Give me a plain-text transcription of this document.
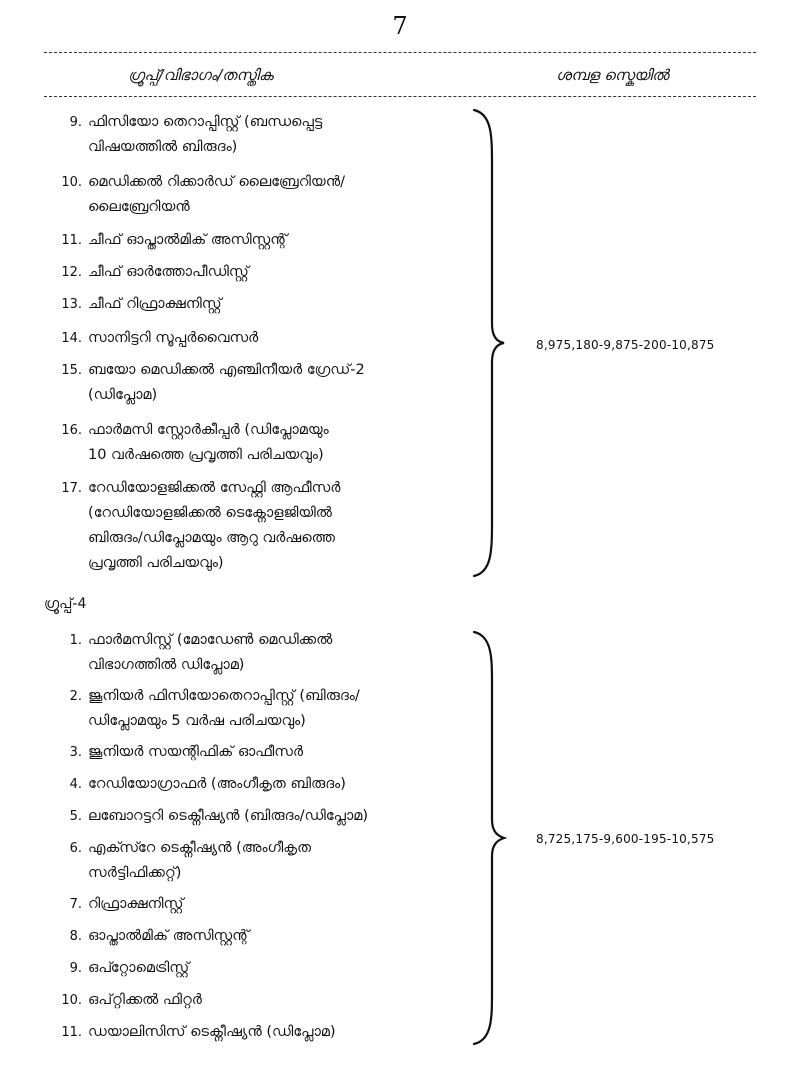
7
ഗ്രൂപ്പ്/വിഭാഗം/തസ്തിക	ശമ്പള സ്കെയിൽ
9. ഫിസിയോ തെറാപ്പിസ്റ്റ് (ബന്ധപ്പെട്ട
വിഷയത്തിൽ ബിരുദം)
10. മെഡിക്കൽ റിക്കാർഡ് ലൈബ്രേറിയൻ/
ലൈബ്രേറിയൻ
11. ചീഫ് ഓപ്താൽമിക് അസിസ്റ്റന്റ്
12. ചീഫ് ഓർത്തോപീഡിസ്റ്റ്
13. ചീഫ് റിഫ്രാക്ഷനിസ്റ്റ്
14. സാനിട്ടറി സൂപ്പർവൈസർ
15. ബയോ മെഡിക്കൽ എഞ്ചിനീയർ ഗ്രേഡ്-2
(ഡിപ്ലോമ)
16. ഫാർമസി സ്റ്റോർകീപ്പർ (ഡിപ്ലോമയും
10 വർഷത്തെ പ്രവൃത്തി പരിചയവും)
17. റേഡിയോളജിക്കൽ സേഫ്റ്റി ആഫീസർ
(റേഡിയോളജിക്കൽ ടെക്നോളജിയിൽ
ബിരുദം/ഡിപ്ലോമയും ആറു വർഷത്തെ
പ്രവൃത്തി പരിചയവും)
8,975,180-9,875-200-10,875
ഗ്രൂപ്പ്-4
1. ഫാർമസിസ്റ്റ് (മോഡേൺ മെഡിക്കൽ
വിഭാഗത്തിൽ ഡിപ്ലോമ)
2. ജൂനിയർ ഫിസിയോതെറാപ്പിസ്റ്റ് (ബിരുദം/
ഡിപ്ലോമയും 5 വർഷ പരിചയവും)
3. ജൂനിയർ സയന്റിഫിക് ഓഫീസർ
4. റേഡിയോഗ്രാഫർ (അംഗീകൃത ബിരുദം)
5. ലബോറട്ടറി ടെക്നീഷ്യൻ (ബിരുദം/ഡിപ്ലോമ)
6. എക്സ്റേ ടെക്നീഷ്യൻ (അംഗീകൃത
സർട്ടിഫിക്കറ്റ്)
7. റിഫ്രാക്ഷനിസ്റ്റ്
8. ഓപ്താൽമിക് അസിസ്റ്റന്റ്
9. ഒപ്റ്റോമെട്രിസ്റ്റ്
10. ഒപ്റ്റിക്കൽ ഫിറ്റർ
11. ഡയാലിസിസ് ടെക്നീഷ്യൻ (ഡിപ്ലോമ)
8,725,175-9,600-195-10,575
